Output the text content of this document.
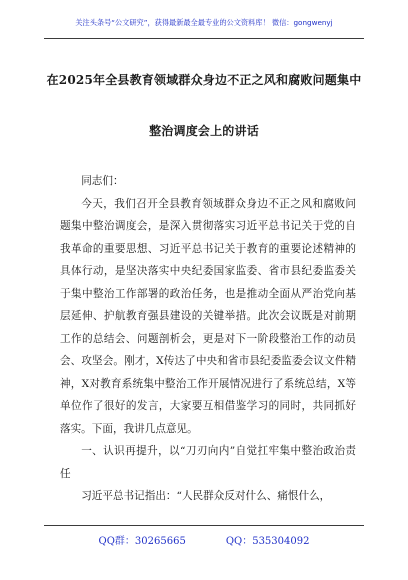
关注头条号“公文研究”，获得最新最全最专业的公文资料库！ 微信：gongwenyj
在2025年全县教育领域群众身边不正之风和腐败问题集中
整治调度会上的讲话

同志们：

今天，我们召开全县教育领域群众身边不正之风和腐败问题集中整治调度会，是深入贯彻落实习近平总书记关于党的自我革命的重要思想、习近平总书记关于教育的重要论述精神的具体行动，是坚决落实中央纪委国家监委、省市县纪委监委关于集中整治工作部署的政治任务，也是推动全面从严治党向基层延伸、护航教育强县建设的关键举措。此次会议既是对前期工作的总结会、问题剖析会，更是对下一阶段整治工作的动员会、攻坚会。刚才，X传达了中央和省市县纪委监委会议文件精神，X对教育系统集中整治工作开展情况进行了系统总结，X等单位作了很好的发言，大家要互相借鉴学习的同时，共同抓好落实。下面，我讲几点意见。

一、认识再提升，以“刀刃向内”自觉扛牢集中整治政治责任

习近平总书记指出：“人民群众反对什么、痛恨什么，

QQ群：30265665	QQ：535304092
